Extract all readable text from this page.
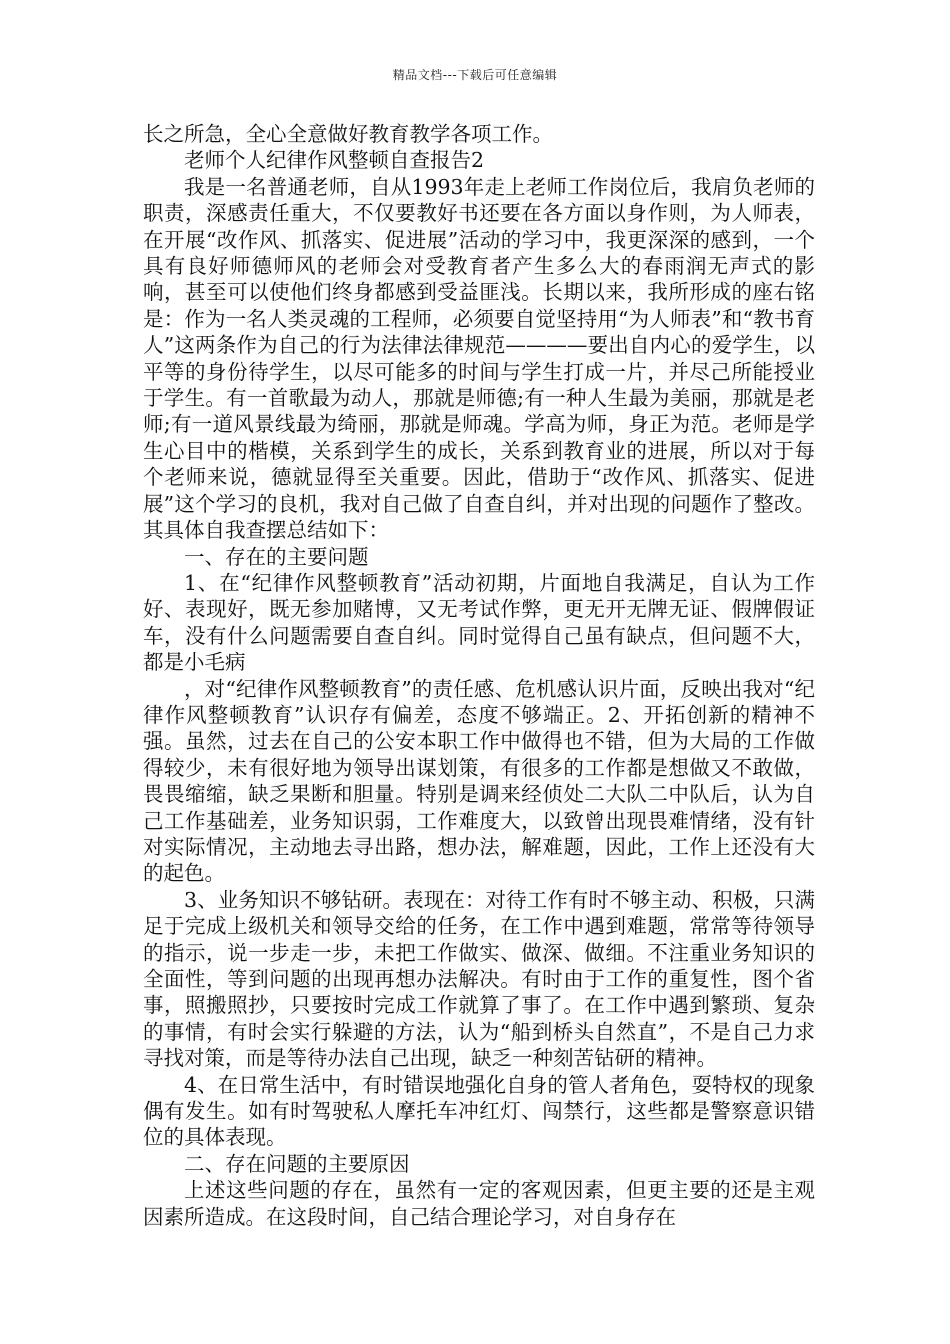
精品文档---下载后可任意编辑

长之所急，全心全意做好教育教学各项工作。

老师个人纪律作风整顿自查报告2

我是一名普通老师，自从1993年走上老师工作岗位后，我肩负老师的职责，深感责任重大，不仅要教好书还要在各方面以身作则，为人师表，在开展“改作风、抓落实、促进展”活动的学习中，我更深深的感到，一个具有良好师德师风的老师会对受教育者产生多么大的春雨润无声式的影响，甚至可以使他们终身都感到受益匪浅。长期以来，我所形成的座右铭是：作为一名人类灵魂的工程师，必须要自觉坚持用“为人师表”和“教书育人”这两条作为自己的行为法律法律规范————要出自内心的爱学生，以平等的身份待学生，以尽可能多的时间与学生打成一片，并尽己所能授业于学生。有一首歌最为动人，那就是师德;有一种人生最为美丽，那就是老师;有一道风景线最为绮丽，那就是师魂。学高为师，身正为范。老师是学生心目中的楷模，关系到学生的成长，关系到教育业的进展，所以对于每个老师来说，德就显得至关重要。因此，借助于“改作风、抓落实、促进展”这个学习的良机，我对自己做了自查自纠，并对出现的问题作了整改。其具体自我查摆总结如下：

一、存在的主要问题

1、在“纪律作风整顿教育”活动初期，片面地自我满足，自认为工作好、表现好，既无参加赌博，又无考试作弊，更无开无牌无证、假牌假证车，没有什么问题需要自查自纠。同时觉得自己虽有缺点，但问题不大，都是小毛病

，对“纪律作风整顿教育”的责任感、危机感认识片面，反映出我对“纪律作风整顿教育”认识存有偏差，态度不够端正。2、开拓创新的精神不强。虽然，过去在自己的公安本职工作中做得也不错，但为大局的工作做得较少，未有很好地为领导出谋划策，有很多的工作都是想做又不敢做，畏畏缩缩，缺乏果断和胆量。特别是调来经侦处二大队二中队后，认为自己工作基础差，业务知识弱，工作难度大，以致曾出现畏难情绪，没有针对实际情况，主动地去寻出路，想办法，解难题，因此，工作上还没有大的起色。

3、业务知识不够钻研。表现在：对待工作有时不够主动、积极，只满足于完成上级机关和领导交给的任务，在工作中遇到难题，常常等待领导的指示，说一步走一步，未把工作做实、做深、做细。不注重业务知识的全面性，等到问题的出现再想办法解决。有时由于工作的重复性，图个省事，照搬照抄，只要按时完成工作就算了事了。在工作中遇到繁琐、复杂的事情，有时会实行躲避的方法，认为“船到桥头自然直”，不是自己力求寻找对策，而是等待办法自己出现，缺乏一种刻苦钻研的精神。

4、在日常生活中，有时错误地强化自身的管人者角色，耍特权的现象偶有发生。如有时驾驶私人摩托车冲红灯、闯禁行，这些都是警察意识错位的具体表现。

二、存在问题的主要原因

上述这些问题的存在，虽然有一定的客观因素，但更主要的还是主观因素所造成。在这段时间，自己结合理论学习，对自身存在
